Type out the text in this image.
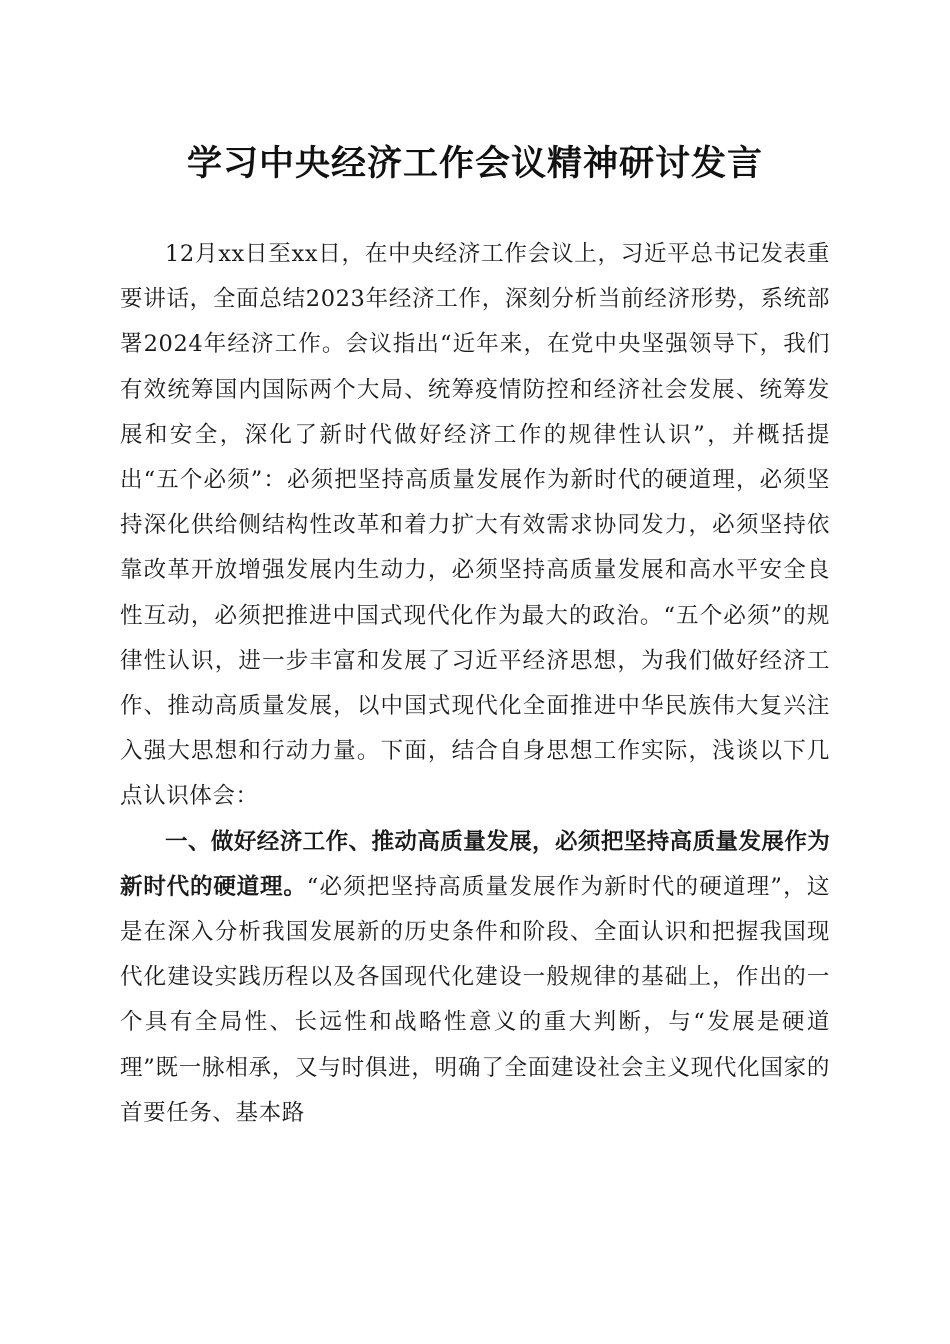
学习中央经济工作会议精神研讨发言

12月xx日至xx日，在中央经济工作会议上，习近平总书记发表重要讲话，全面总结2023年经济工作，深刻分析当前经济形势，系统部署2024年经济工作。会议指出“近年来，在党中央坚强领导下，我们有效统筹国内国际两个大局、统筹疫情防控和经济社会发展、统筹发展和安全，深化了新时代做好经济工作的规律性认识”，并概括提出“五个必须”：必须把坚持高质量发展作为新时代的硬道理，必须坚持深化供给侧结构性改革和着力扩大有效需求协同发力，必须坚持依靠改革开放增强发展内生动力，必须坚持高质量发展和高水平安全良性互动，必须把推进中国式现代化作为最大的政治。“五个必须”的规律性认识，进一步丰富和发展了习近平经济思想，为我们做好经济工作、推动高质量发展，以中国式现代化全面推进中华民族伟大复兴注入强大思想和行动力量。下面，结合自身思想工作实际，浅谈以下几点认识体会：

一、做好经济工作、推动高质量发展，必须把坚持高质量发展作为新时代的硬道理。“必须把坚持高质量发展作为新时代的硬道理”，这是在深入分析我国发展新的历史条件和阶段、全面认识和把握我国现代化建设实践历程以及各国现代化建设一般规律的基础上，作出的一个具有全局性、长远性和战略性意义的重大判断，与“发展是硬道理”既一脉相承，又与时俱进，明确了全面建设社会主义现代化国家的首要任务、基本路
